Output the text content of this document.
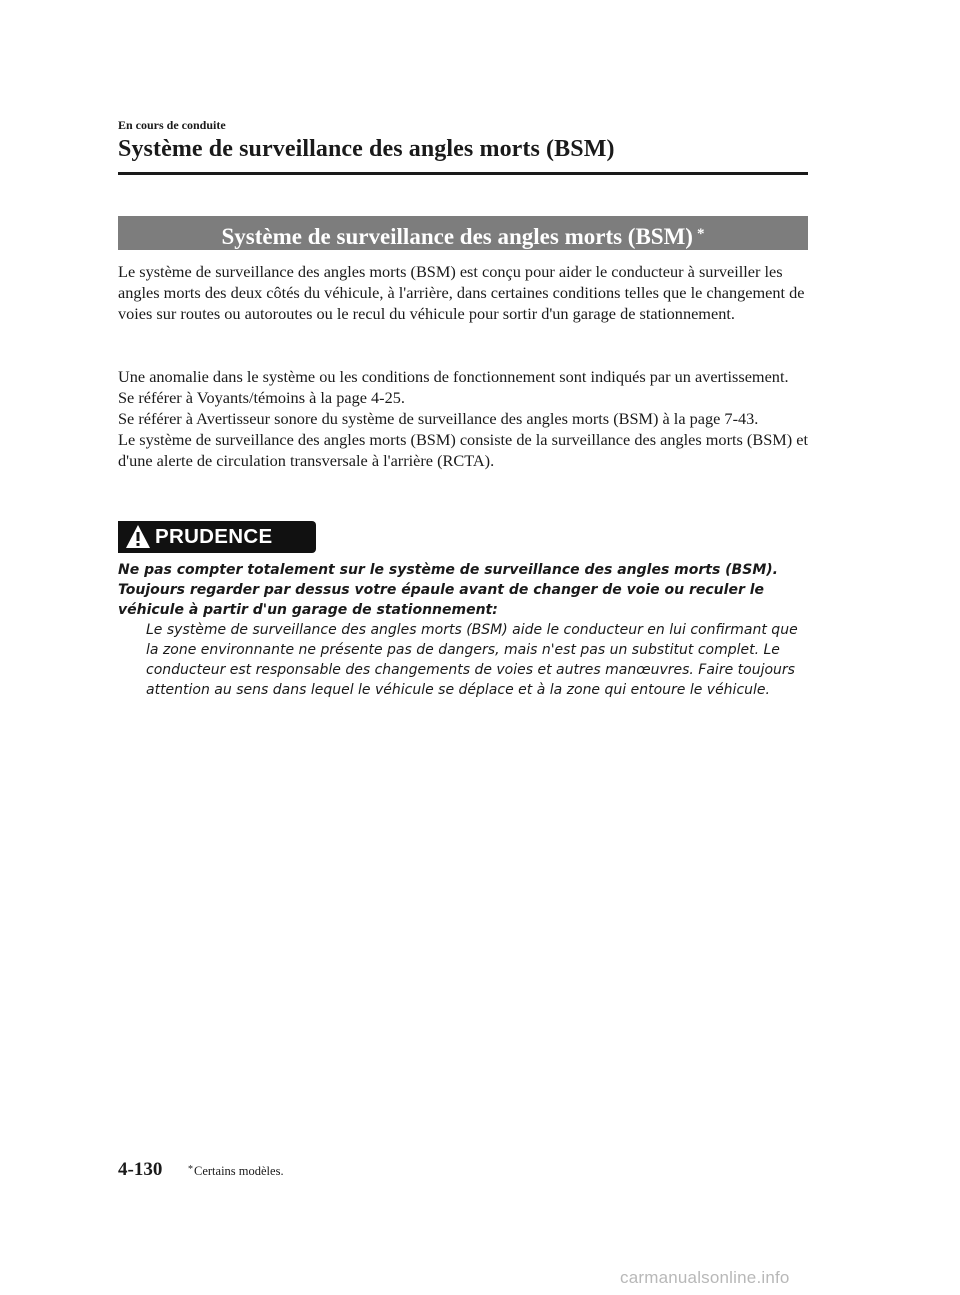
En cours de conduite
Système de surveillance des angles morts (BSM)
Système de surveillance des angles morts (BSM) *

Le système de surveillance des angles morts (BSM) est conçu pour aider le conducteur à surveiller les angles morts des deux côtés du véhicule, à l'arrière, dans certaines conditions telles que le changement de voies sur routes ou autoroutes ou le recul du véhicule pour sortir d'un garage de stationnement.

Une anomalie dans le système ou les conditions de fonctionnement sont indiqués par un avertissement.

Se référer à Voyants/témoins à la page 4-25.

Se référer à Avertisseur sonore du système de surveillance des angles morts (BSM) à la page 7-43.

Le système de surveillance des angles morts (BSM) consiste de la surveillance des angles morts (BSM) et d'une alerte de circulation transversale à l'arrière (RCTA).

PRUDENCE
Ne pas compter totalement sur le système de surveillance des angles morts (BSM). Toujours regarder par dessus votre épaule avant de changer de voie ou reculer le véhicule à partir d'un garage de stationnement:
Le système de surveillance des angles morts (BSM) aide le conducteur en lui confirmant que la zone environnante ne présente pas de dangers, mais n'est pas un substitut complet. Le conducteur est responsable des changements de voies et autres manœuvres. Faire toujours attention au sens dans lequel le véhicule se déplace et à la zone qui entoure le véhicule.
4-130	*Certains modèles.
carmanualsonline.info
